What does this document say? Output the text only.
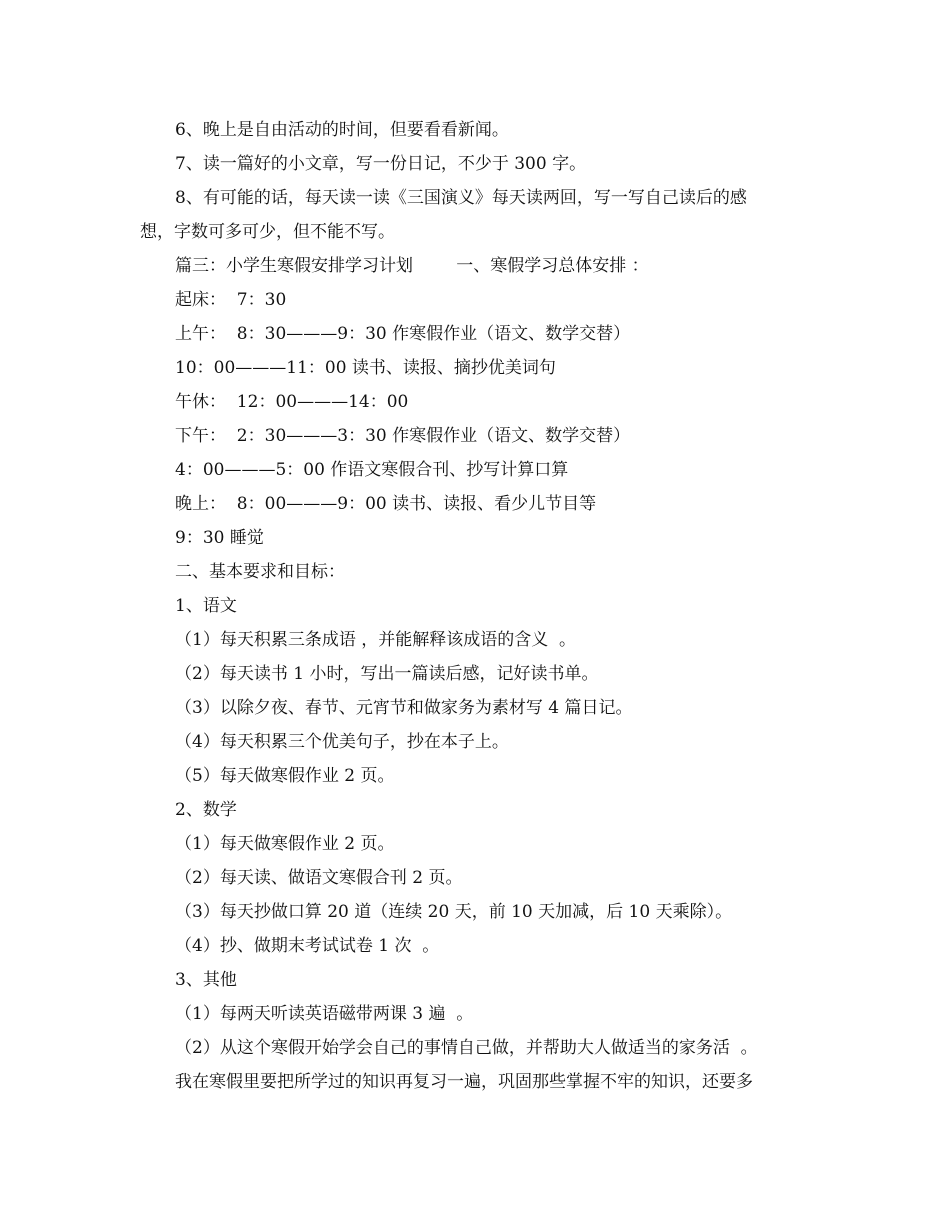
6、晚上是自由活动的时间，但要看看新闻。
7、读一篇好的小文章，写一份日记，不少于 300 字。
8、有可能的话，每天读一读《三国演义》每天读两回，写一写自己读后的感
想，字数可多可少，但不能不写。
篇三：小学生寒假安排学习计划        一、寒假学习总体安排 ：
起床：  7：30
上午：  8：30———9：30 作寒假作业（语文、数学交替）
10：00———11：00 读书、读报、摘抄优美词句
午休：  12：00———14：00
下午：  2：30———3：30 作寒假作业（语文、数学交替）
4：00———5：00 作语文寒假合刊、抄写计算口算
晚上：  8：00———9：00 读书、读报、看少儿节目等
9：30 睡觉
二、基本要求和目标：
1、语文
（1）每天积累三条成语 ，并能解释该成语的含义  。
（2）每天读书 1 小时，写出一篇读后感，记好读书单。
（3）以除夕夜、春节、元宵节和做家务为素材写 4 篇日记。
（4）每天积累三个优美句子，抄在本子上。
（5）每天做寒假作业 2 页。
2、数学
（1）每天做寒假作业 2 页。
（2）每天读、做语文寒假合刊 2 页。
（3）每天抄做口算 20 道（连续 20 天，前 10 天加减，后 10 天乘除）。
（4）抄、做期末考试试卷 1 次  。
3、其他
（1）每两天听读英语磁带两课 3 遍  。
（2）从这个寒假开始学会自己的事情自己做，并帮助大人做适当的家务活  。
我在寒假里要把所学过的知识再复习一遍，巩固那些掌握不牢的知识，还要多
